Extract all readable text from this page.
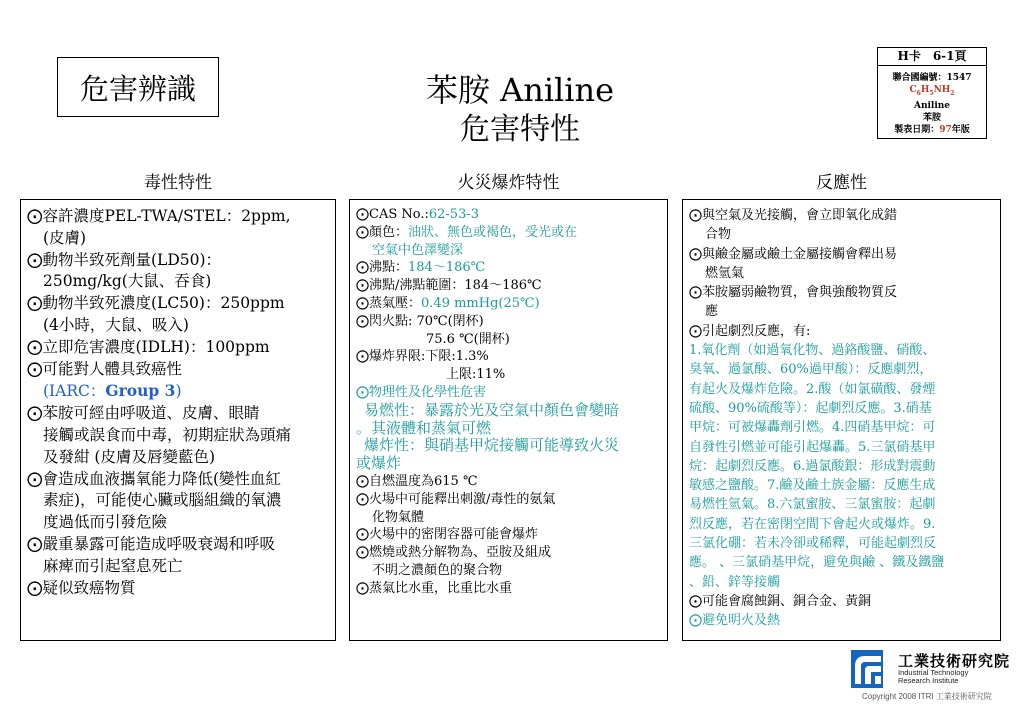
危害辨識	苯胺 Aniline
危害特性
H卡　6-1頁
聯合國編號：1547
$C_6H_5NH_2$
Aniline
苯胺
製表日期：97年版
毒性特性	火災爆炸特性	反應性
⨀容許濃度PEL-TWA/STEL：2ppm,
(皮膚)
⨀動物半致死劑量(LD50)：
250mg/kg(大鼠、吞食)
⨀動物半致死濃度(LC50)：250ppm
(4小時，大鼠、吸入)
⨀立即危害濃度(IDLH)：100ppm
⨀可能對人體具致癌性
(IARC：Group 3)
⨀苯胺可經由呼吸道、皮膚、眼睛
接觸或誤食而中毒，初期症狀為頭痛
及發紺 (皮膚及唇變藍色)
⨀會造成血液攜氧能力降低(變性血紅
素症)，可能使心臟或腦組織的氧濃
度過低而引發危險
⨀嚴重暴露可能造成呼吸衰竭和呼吸
麻痺而引起窒息死亡
⨀疑似致癌物質
⨀CAS No.:62-53-3
⨀顏色：油狀、無色或褐色，受光或在
空氣中色澤變深
⨀沸點：184～186℃
⨀沸點/沸點範圍：184～186℃
⨀蒸氣壓：0.49 mmHg(25℃)
⨀閃火點: 70℃(閉杯)
75.6 ℃(開杯)
⨀爆炸界限:下限:1.3%
上限:11%
⨀物理性及化學性危害
易燃性：暴露於光及空氣中顏色會變暗
。其液體和蒸氣可燃
爆炸性：與硝基甲烷接觸可能導致火災
或爆炸
⨀自燃溫度為615 ℃
⨀火場中可能釋出刺激/毒性的氨氣
化物氣體
⨀火場中的密閉容器可能會爆炸
⨀燃燒或熱分解物為、亞胺及組成
不明之濃顏色的聚合物
⨀蒸氣比水重，比重比水重
⨀與空氣及光接觸，會立即氧化成錯
合物
⨀與鹼金屬或鹼土金屬接觸會釋出易
燃氫氣
⨀苯胺屬弱鹼物質，會與強酸物質反
應
⨀引起劇烈反應，有:
1.氧化劑（如過氧化物、過鉻酸鹽、硝酸、
臭氧、過氯酸、60%過甲酸）：反應劇烈，
有起火及爆炸危險。2.酸（如氯磺酸、發煙
硫酸、90%硫酸等）：起劇烈反應。3.硝基
甲烷：可被爆轟劑引燃。4.四硝基甲烷：可
自發性引燃並可能引起爆轟。5.三氯硝基甲
烷：起劇烈反應。6.過氯酸銀：形成對震動
敏感之鹽酸。7.鹼及鹼土族金屬：反應生成
易燃性氫氣。8.六氯蜜胺、三氯蜜胺：起劇
烈反應，若在密閉空間下會起火或爆炸。9.
三氯化硼：若未冷卻或稀釋，可能起劇烈反
應。 、三氯硝基甲烷，避免與鹼 、鐵及鐵鹽
、鉛、鋅等接觸
⨀可能會腐蝕銅、銅合金、黃銅
⨀避免明火及熱
工業技術研究院
Industrial Technology
Research Institute
Copyright 2008 ITRI 工業技術研究院
